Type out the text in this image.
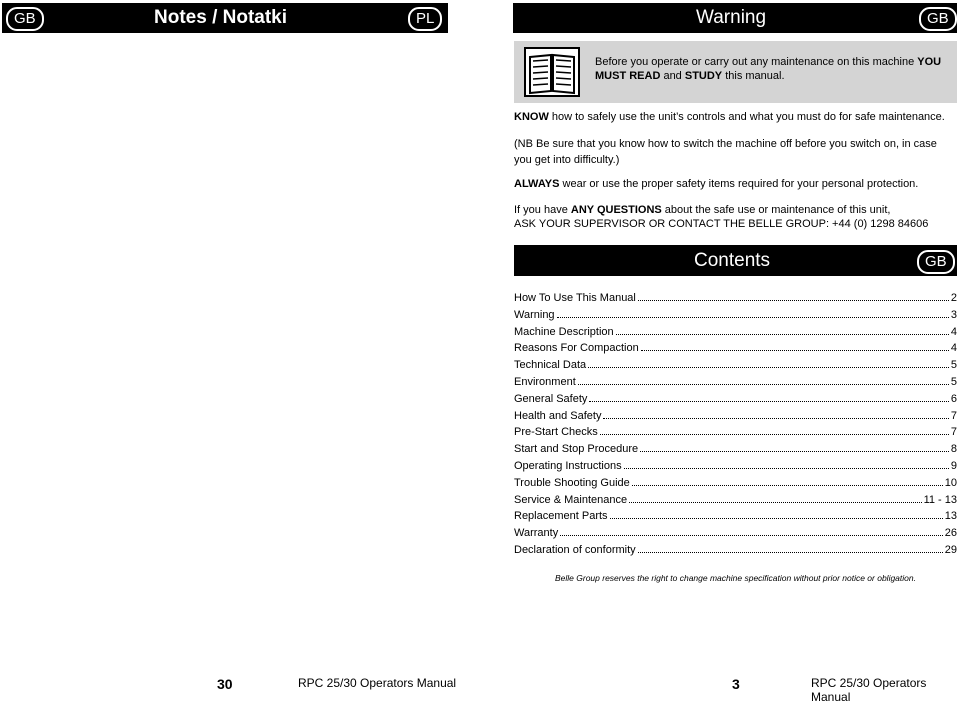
GB	Notes / Notatki	PL	Warning	GB
Before you operate or carry out any maintenance on this machine YOU MUST READ and STUDY this manual.
KNOW how to safely use the unit’s controls and what you must do for safe maintenance.
(NB Be sure that you know how to switch the machine off before you switch on, in case you get into difficulty.)
ALWAYS wear or use the proper safety items required for your personal protection.
If you have ANY QUESTIONS about the safe use or maintenance of this unit,
ASK YOUR SUPERVISOR OR CONTACT THE BELLE GROUP: +44 (0) 1298 84606
Contents	GB
How To Use This Manual	2
Warning	3
Machine Description	4
Reasons For Compaction	4
Technical Data	5
Environment	5
General Safety	6
Health and Safety	7
Pre-Start Checks	7
Start and Stop Procedure	8
Operating Instructions	9
Trouble Shooting Guide	10
Service & Maintenance	11 - 13
Replacement Parts	13
Warranty	26
Declaration of conformity	29
Belle Group reserves the right to change machine specification without prior notice or obligation.
30	RPC 25/30 Operators Manual	3	RPC 25/30 Operators Manual
